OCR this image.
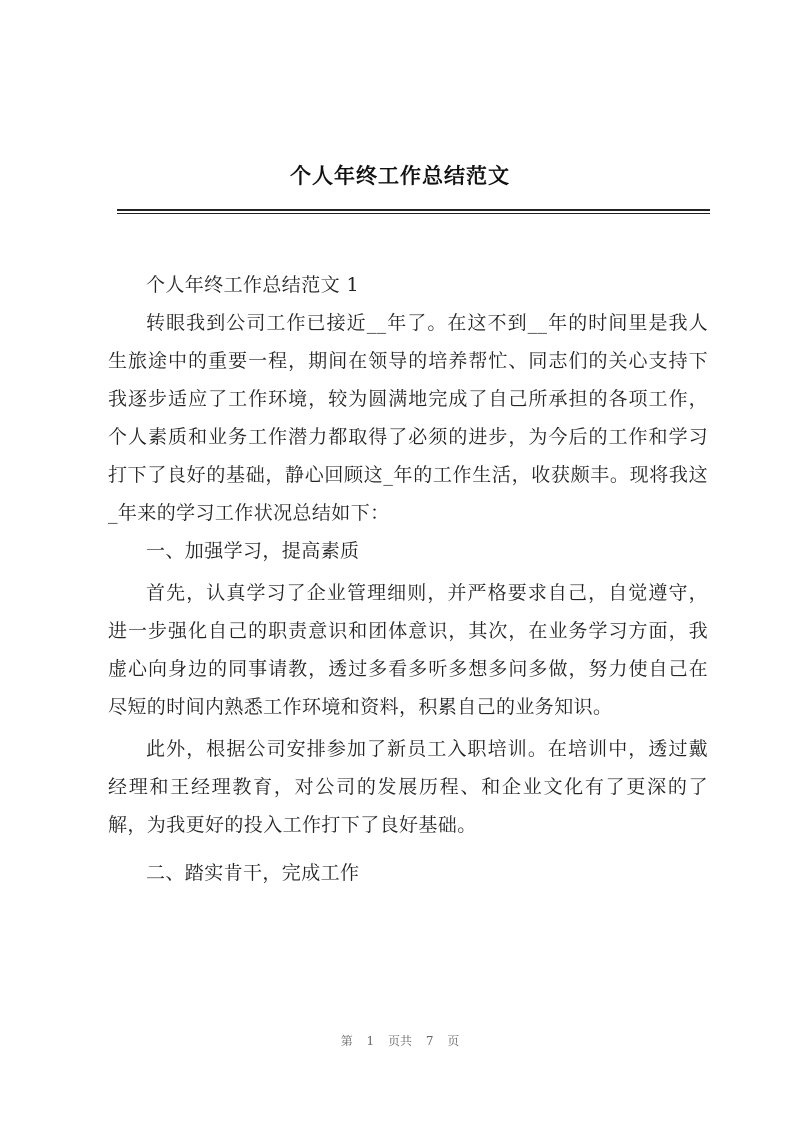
个人年终工作总结范文

个人年终工作总结范文 1

转眼我到公司工作已接近__年了。在这不到__年的时间里是我人生旅途中的重要一程，期间在领导的培养帮忙、同志们的关心支持下我逐步适应了工作环境，较为圆满地完成了自己所承担的各项工作，个人素质和业务工作潜力都取得了必须的进步，为今后的工作和学习打下了良好的基础，静心回顾这_年的工作生活，收获颇丰。现将我这_年来的学习工作状况总结如下：

一、加强学习，提高素质

首先，认真学习了企业管理细则，并严格要求自己，自觉遵守，进一步强化自己的职责意识和团体意识，其次，在业务学习方面，我虚心向身边的同事请教，透过多看多听多想多问多做，努力使自己在尽短的时间内熟悉工作环境和资料，积累自己的业务知识。

此外，根据公司安排参加了新员工入职培训。在培训中，透过戴经理和王经理教育，对公司的发展历程、和企业文化有了更深的了解，为我更好的投入工作打下了良好基础。

二、踏实肯干，完成工作

第 1 页共 7 页
